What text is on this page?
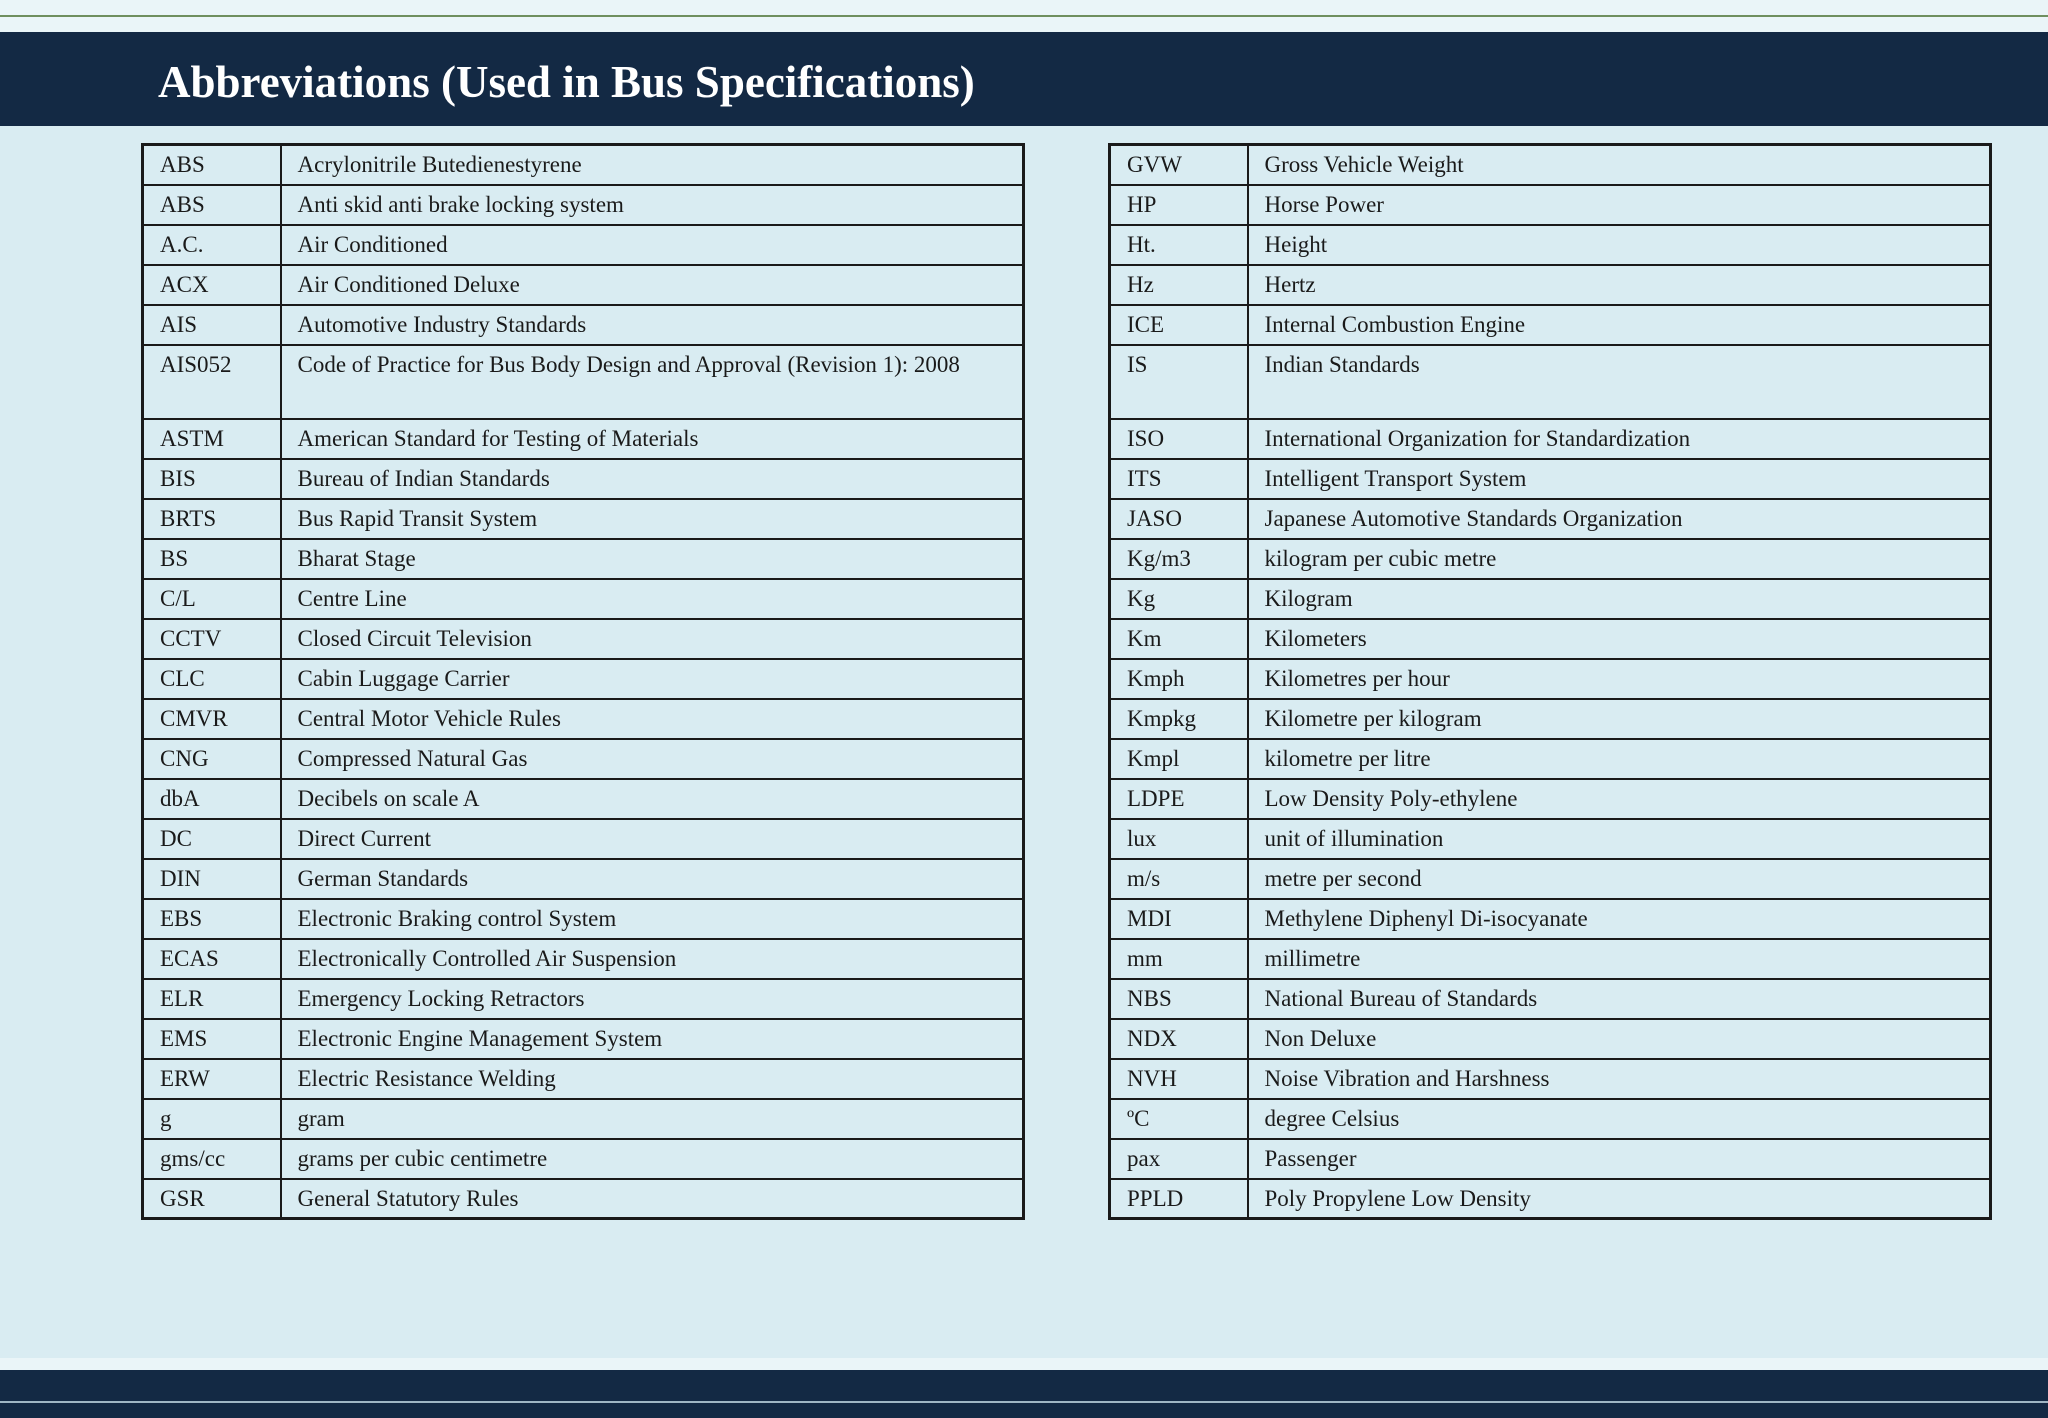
Abbreviations (Used in Bus Specifications)
ABS	Acrylonitrile Butedienestyrene
ABS	Anti skid anti brake locking system
A.C.	Air Conditioned
ACX	Air Conditioned Deluxe
AIS	Automotive Industry Standards
AIS052	Code of Practice for Bus Body Design and Approval (Revision 1): 2008
ASTM	American Standard for Testing of Materials
BIS	Bureau of Indian Standards
BRTS	Bus Rapid Transit System
BS	Bharat Stage
C/L	Centre Line
CCTV	Closed Circuit Television
CLC	Cabin Luggage Carrier
CMVR	Central Motor Vehicle Rules
CNG	Compressed Natural Gas
dbA	Decibels on scale A
DC	Direct Current
DIN	German Standards
EBS	Electronic Braking control System
ECAS	Electronically Controlled Air Suspension
ELR	Emergency Locking Retractors
EMS	Electronic Engine Management System
ERW	Electric Resistance Welding
g	gram
gms/cc	grams per cubic centimetre
GSR	General Statutory Rules
GVW	Gross Vehicle Weight
HP	Horse Power
Ht.	Height
Hz	Hertz
ICE	Internal Combustion Engine
IS	Indian Standards
ISO	International Organization for Standardization
ITS	Intelligent Transport System
JASO	Japanese Automotive Standards Organization
Kg/m3	kilogram per cubic metre
Kg	Kilogram
Km	Kilometers
Kmph	Kilometres per hour
Kmpkg	Kilometre per kilogram
Kmpl	kilometre per litre
LDPE	Low Density Poly-ethylene
lux	unit of illumination
m/s	metre per second
MDI	Methylene Diphenyl Di-isocyanate
mm	millimetre
NBS	National Bureau of Standards
NDX	Non Deluxe
NVH	Noise Vibration and Harshness
ºC	degree Celsius
pax	Passenger
PPLD	Poly Propylene Low Density
